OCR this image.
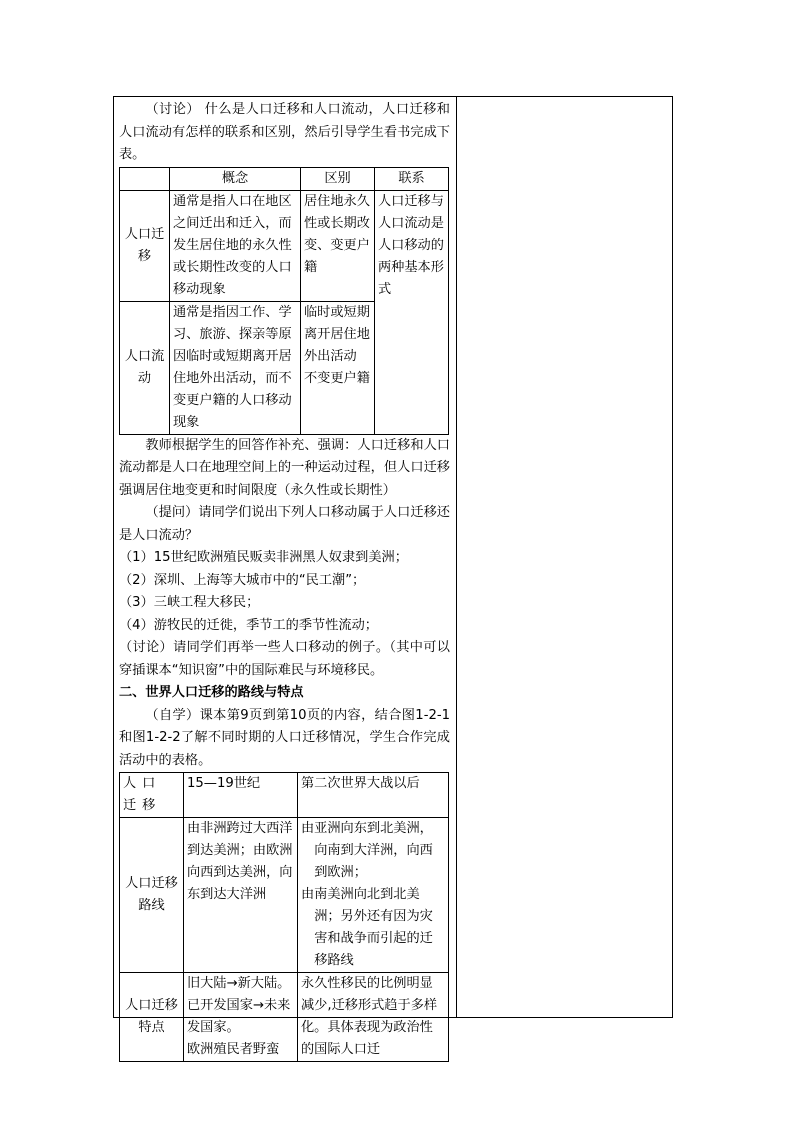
（讨论） 什么是人口迁移和人口流动，人口迁移和人口流动有怎样的联系和区别，然后引导学生看书完成下表。

	概念	区别	联系
人口迁移	通常是指人口在地区之间迁出和迁入，而发生居住地的永久性或长期性改变的人口移动现象	居住地永久性或长期改变、变更户籍	人口迁移与人口流动是人口移动的两种基本形式
人口流动	通常是指因工作、学习、旅游、探亲等原因临时或短期离开居住地外出活动，而不变更户籍的人口移动现象	临时或短期离开居住地外出活动
不变更户籍	

教师根据学生的回答作补充、强调：人口迁移和人口流动都是人口在地理空间上的一种运动过程，但人口迁移强调居住地变更和时间限度（永久性或长期性）

（提问）请同学们说出下列人口移动属于人口迁移还是人口流动？

（1）15世纪欧洲殖民贩卖非洲黑人奴隶到美洲；

（2）深圳、上海等大城市中的“民工潮”；

（3）三峡工程大移民；

（4）游牧民的迁徙，季节工的季节性流动；

（讨论）请同学们再举一些人口移动的例子。（其中可以穿插课本“知识窗”中的国际难民与环境移民。

二、世界人口迁移的路线与特点

（自学）课本第9页到第10页的内容，结合图1-2-1和图1-2-2了解不同时期的人口迁移情况，学生合作完成活动中的表格。

人口迁移	15—19世纪	第二次世界大战以后
人口迁移路线	由非洲跨过大西洋到达美洲；由欧洲向西到达美洲，向东到达大洋洲	由亚洲向东到北美洲，向南到大洋洲，向西到欧洲；
由南美洲向北到北美洲；另外还有因为灾害和战争而引起的迁移路线

人口迁移特点	旧大陆→新大陆。
已开发国家→未来发国家。
欧洲殖民者野蛮	永久性移民的比例明显减少,迁移形式趋于多样化。具体表现为政治性的国际人口迁
